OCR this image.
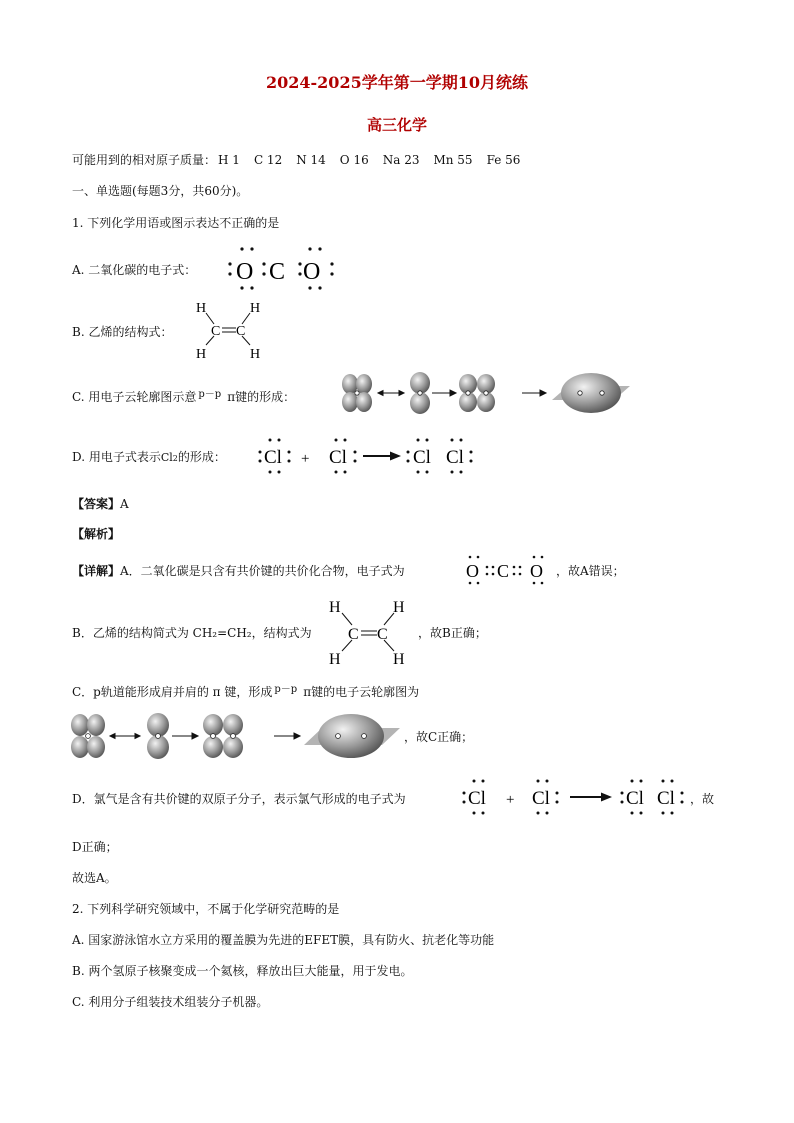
2024-2025学年第一学期10月统练
高三化学
可能用到的相对原子质量： H 1 C 12 N 14 O 16 Na 23 Mn 55 Fe 56
一、单选题(每题3分，共60分)。
1. 下列化学用语或图示表达不正确的是
A. 二氧化碳的电子式： O C O
B. 乙烯的结构式：
H	H
H	H
C C
C. 用电子云轮廓图示意 $^{p-p}$ π键的形成：
D. 用电子式表示Cl2的形成： Cl Cl	Cl Cl
+
【答案】A
【解析】
【详解】A．二氧化碳是只含有共价键的共价化合物，电子式为	，故A错误；
O C O
B．乙烯的结构简式为 CH₂=CH₂，结构式为	，故B正确；
H	H
H	H
C C
C．p轨道能形成肩并肩的 π 键，形成 $^{p-p}$ π键的电子云轮廓图为
，故C正确；
D．氯气是含有共价键的双原子分子，表示氯气形成的电子式为	Cl Cl	Cl Cl
+	，故
D正确；
故选A。
2. 下列科学研究领域中，不属于化学研究范畴的是
A. 国家游泳馆水立方采用的覆盖膜为先进的EFET膜，具有防火、抗老化等功能
B. 两个氢原子核聚变成一个氦核，释放出巨大能量，用于发电。
C. 利用分子组装技术组装分子机器。
